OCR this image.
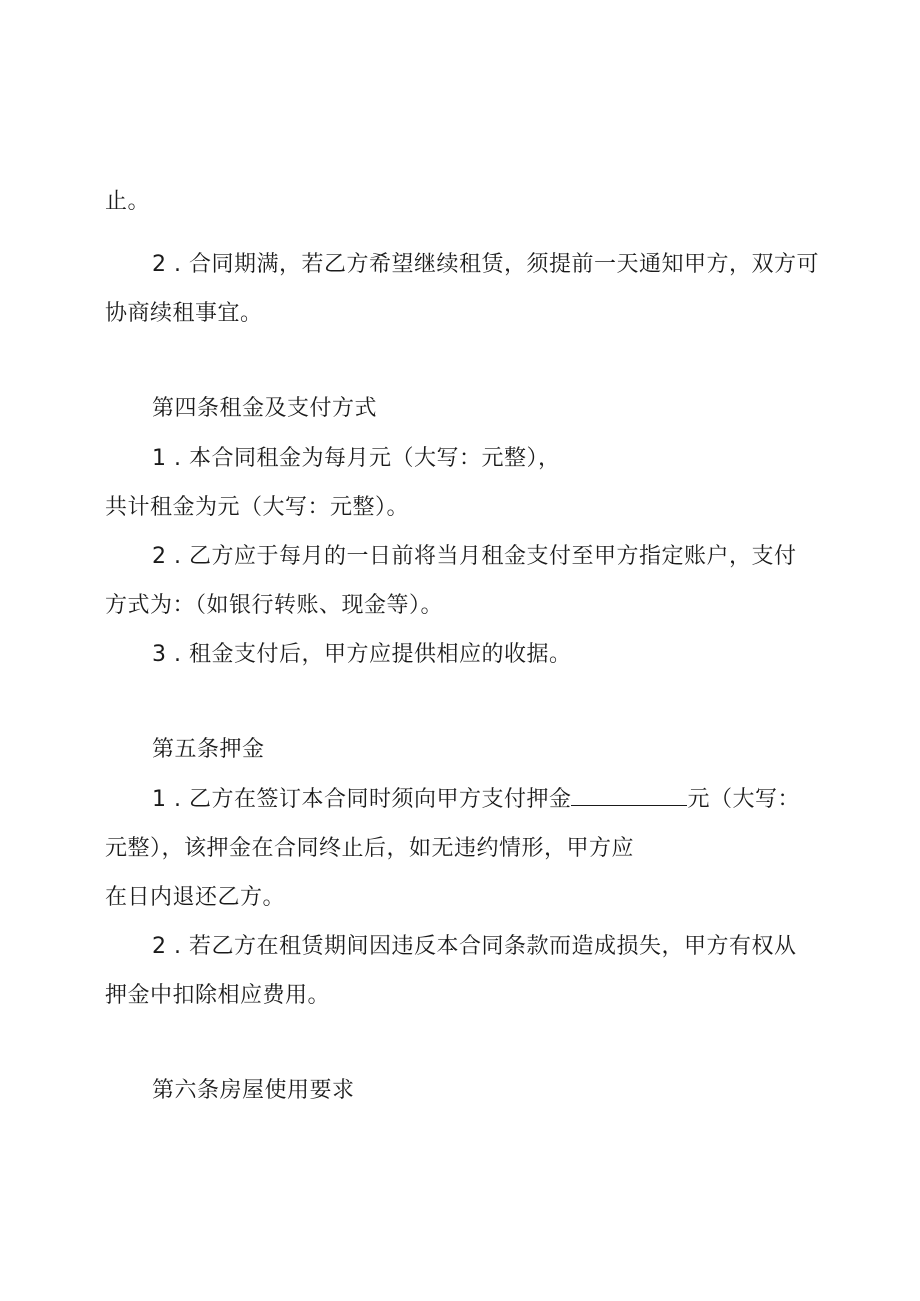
止。
2 . 合同期满，若乙方希望继续租赁，须提前一天通知甲方，双方可
协商续租事宜。
第四条租金及支付方式
1 . 本合同租金为每月元（大写：元整），
共计租金为元（大写：元整）。
2 . 乙方应于每月的一日前将当月租金支付至甲方指定账户，支付
方式为：（如银行转账、现金等）。
3 . 租金支付后，甲方应提供相应的收据。
第五条押金
1 . 乙方在签订本合同时须向甲方支付押金	元（大写：
元整），该押金在合同终止后，如无违约情形，甲方应
在日内退还乙方。
2 . 若乙方在租赁期间因违反本合同条款而造成损失，甲方有权从
押金中扣除相应费用。
第六条房屋使用要求
